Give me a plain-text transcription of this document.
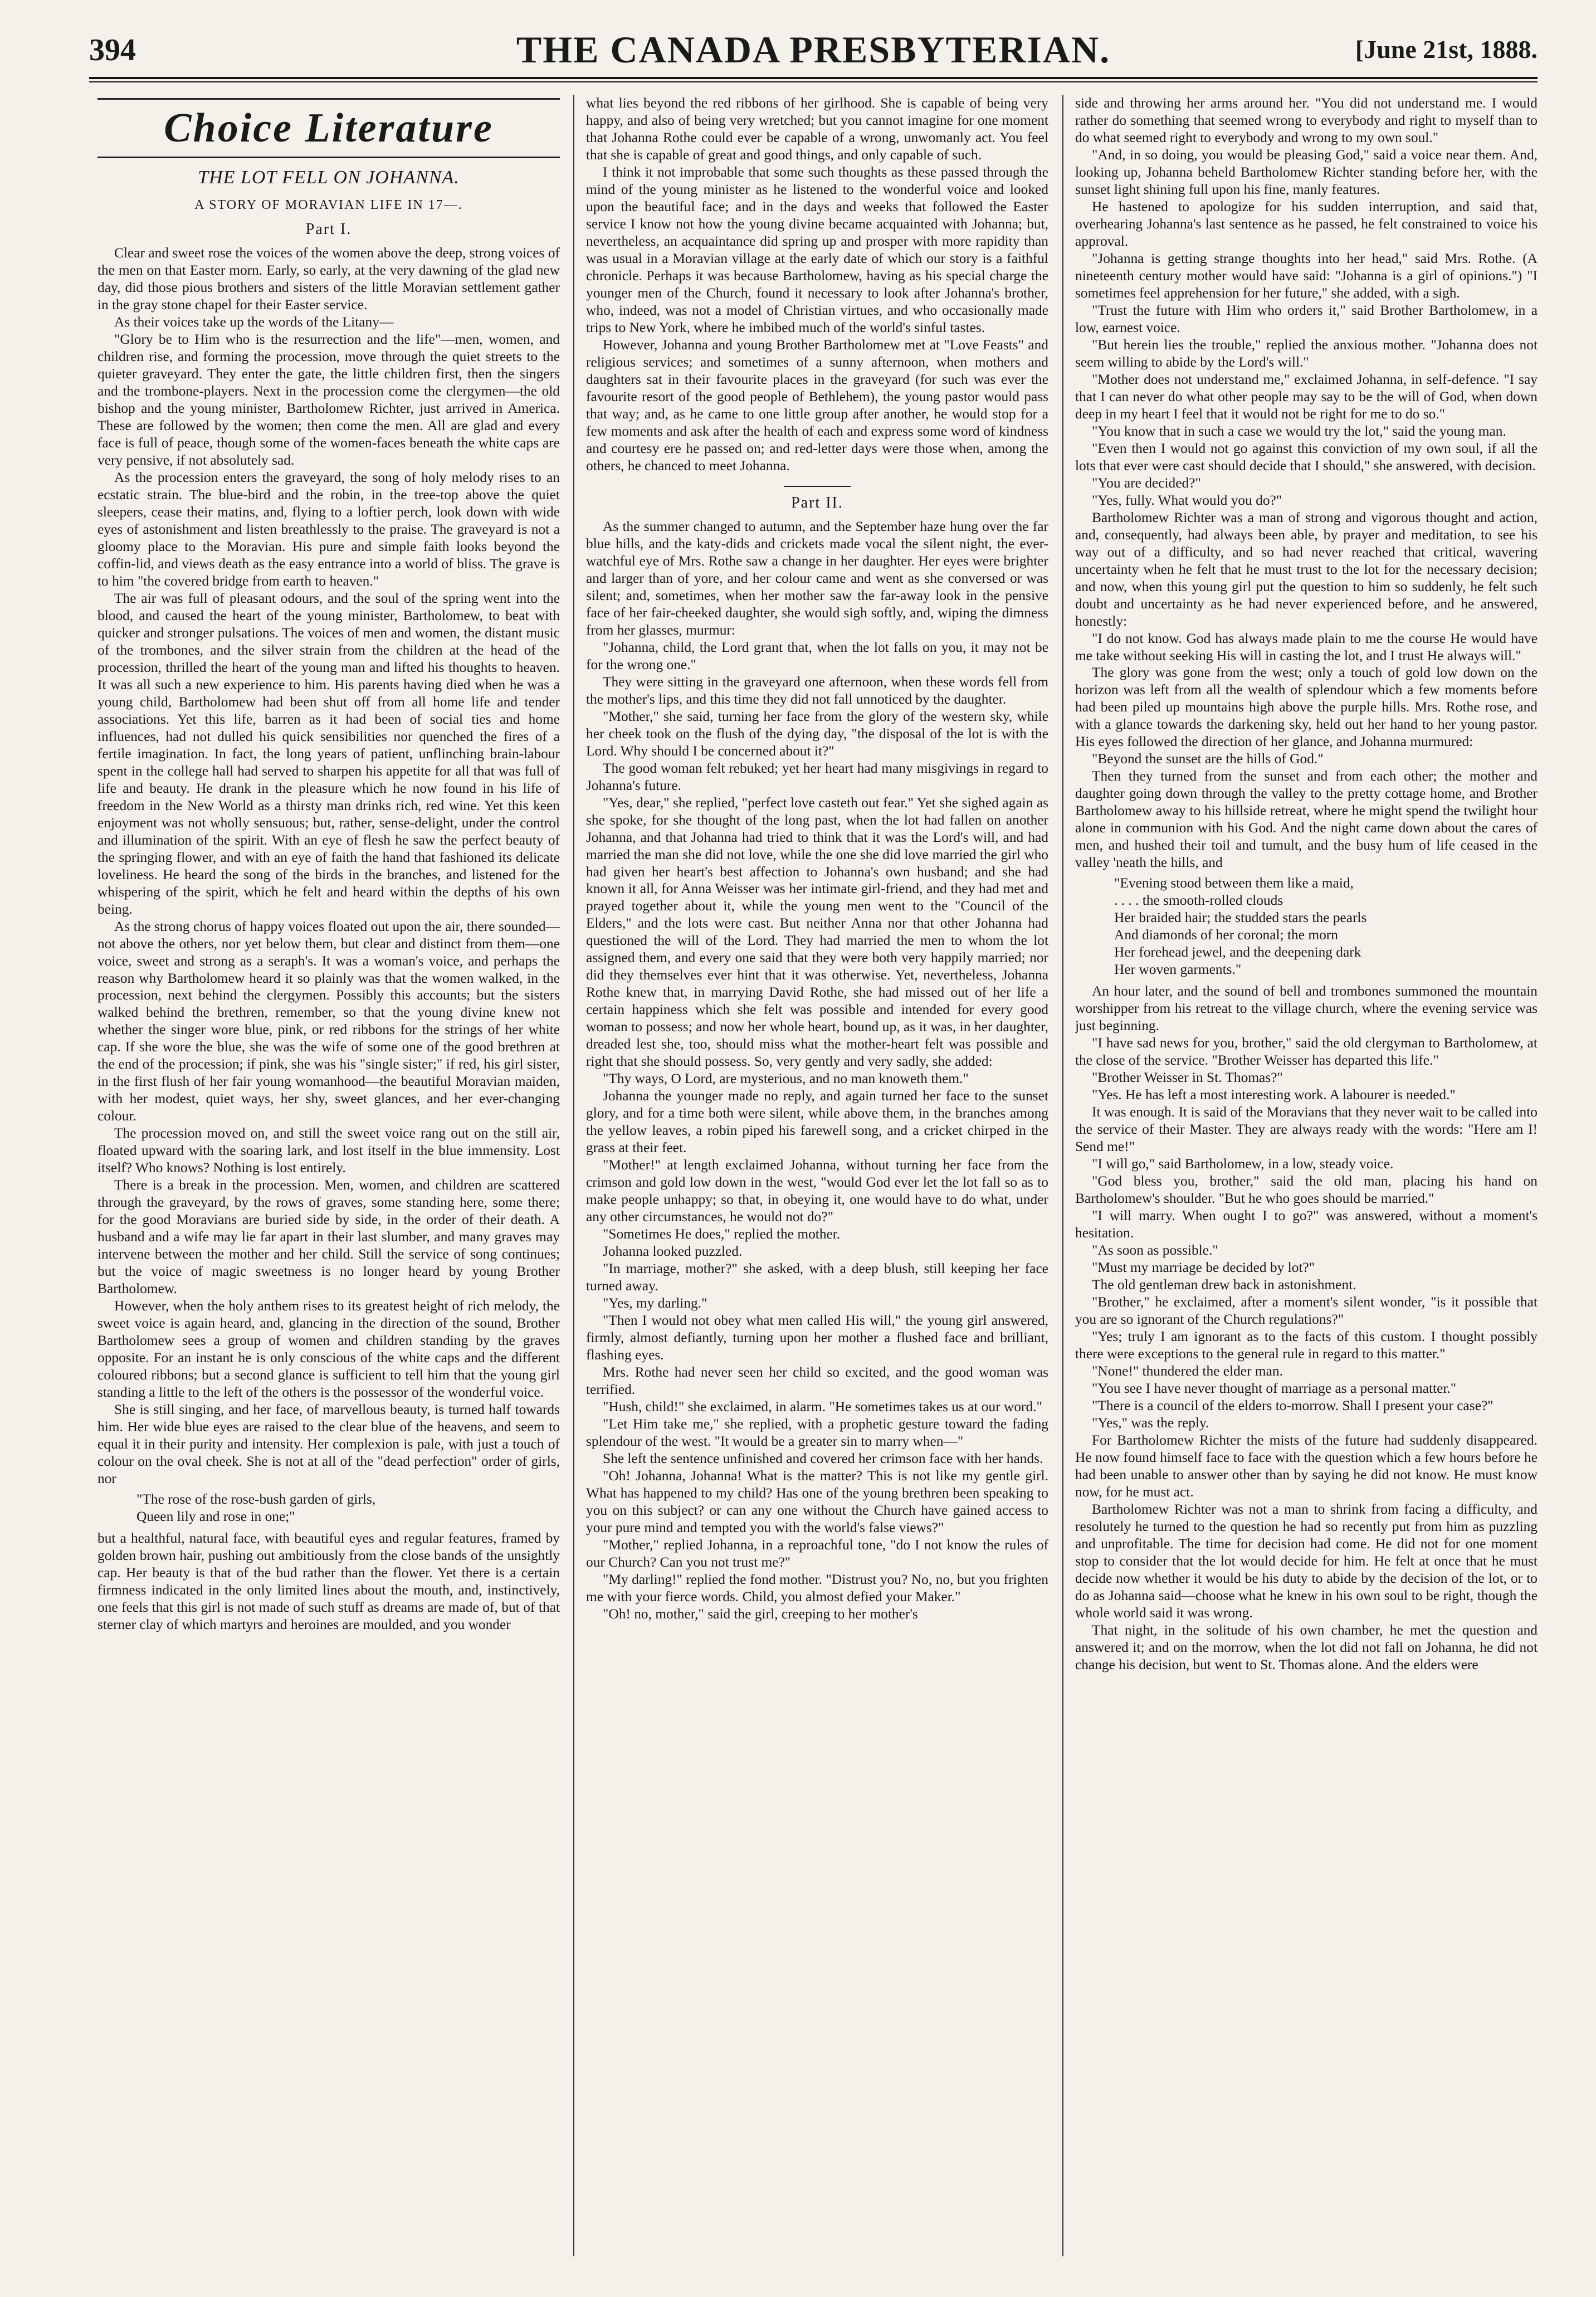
394	THE CANADA PRESBYTERIAN.	[June 21st, 1888.
Choice Literature
THE LOT FELL ON JOHANNA.
A STORY OF MORAVIAN LIFE IN 17—.
Part I.

Clear and sweet rose the voices of the women above the deep, strong voices of the men on that Easter morn. Early, so early, at the very dawning of the glad new day, did those pious brothers and sisters of the little Moravian settlement gather in the gray stone chapel for their Easter service.

As their voices take up the words of the Litany—

"Glory be to Him who is the resurrection and the life"—men, women, and children rise, and forming the procession, move through the quiet streets to the quieter graveyard. They enter the gate, the little children first, then the singers and the trombone-players. Next in the procession come the clergymen—the old bishop and the young minister, Bartholomew Richter, just arrived in America. These are followed by the women; then come the men. All are glad and every face is full of peace, though some of the women-faces beneath the white caps are very pensive, if not absolutely sad.

As the procession enters the graveyard, the song of holy melody rises to an ecstatic strain. The blue-bird and the robin, in the tree-top above the quiet sleepers, cease their matins, and, flying to a loftier perch, look down with wide eyes of astonishment and listen breathlessly to the praise. The graveyard is not a gloomy place to the Moravian. His pure and simple faith looks beyond the coffin-lid, and views death as the easy entrance into a world of bliss. The grave is to him "the covered bridge from earth to heaven."

The air was full of pleasant odours, and the soul of the spring went into the blood, and caused the heart of the young minister, Bartholomew, to beat with quicker and stronger pulsations. The voices of men and women, the distant music of the trombones, and the silver strain from the children at the head of the procession, thrilled the heart of the young man and lifted his thoughts to heaven. It was all such a new experience to him. His parents having died when he was a young child, Bartholomew had been shut off from all home life and tender associations. Yet this life, barren as it had been of social ties and home influences, had not dulled his quick sensibilities nor quenched the fires of a fertile imagination. In fact, the long years of patient, unflinching brain-labour spent in the college hall had served to sharpen his appetite for all that was full of life and beauty. He drank in the pleasure which he now found in his life of freedom in the New World as a thirsty man drinks rich, red wine. Yet this keen enjoyment was not wholly sensuous; but, rather, sense-delight, under the control and illumination of the spirit. With an eye of flesh he saw the perfect beauty of the springing flower, and with an eye of faith the hand that fashioned its delicate loveliness. He heard the song of the birds in the branches, and listened for the whispering of the spirit, which he felt and heard within the depths of his own being.

As the strong chorus of happy voices floated out upon the air, there sounded—not above the others, nor yet below them, but clear and distinct from them—one voice, sweet and strong as a seraph's. It was a woman's voice, and perhaps the reason why Bartholomew heard it so plainly was that the women walked, in the procession, next behind the clergymen. Possibly this accounts; but the sisters walked behind the brethren, remember, so that the young divine knew not whether the singer wore blue, pink, or red ribbons for the strings of her white cap. If she wore the blue, she was the wife of some one of the good brethren at the end of the procession; if pink, she was his "single sister;" if red, his girl sister, in the first flush of her fair young womanhood—the beautiful Moravian maiden, with her modest, quiet ways, her shy, sweet glances, and her ever-changing colour.

The procession moved on, and still the sweet voice rang out on the still air, floated upward with the soaring lark, and lost itself in the blue immensity. Lost itself? Who knows? Nothing is lost entirely.

There is a break in the procession. Men, women, and children are scattered through the graveyard, by the rows of graves, some standing here, some there; for the good Moravians are buried side by side, in the order of their death. A husband and a wife may lie far apart in their last slumber, and many graves may intervene between the mother and her child. Still the service of song continues; but the voice of magic sweetness is no longer heard by young Brother Bartholomew.

However, when the holy anthem rises to its greatest height of rich melody, the sweet voice is again heard, and, glancing in the direction of the sound, Brother Bartholomew sees a group of women and children standing by the graves opposite. For an instant he is only conscious of the white caps and the different coloured ribbons; but a second glance is sufficient to tell him that the young girl standing a little to the left of the others is the possessor of the wonderful voice.

She is still singing, and her face, of marvellous beauty, is turned half towards him. Her wide blue eyes are raised to the clear blue of the heavens, and seem to equal it in their purity and intensity. Her complexion is pale, with just a touch of colour on the oval cheek. She is not at all of the "dead perfection" order of girls, nor

"The rose of the rose-bush garden of girls,

Queen lily and rose in one;"

but a healthful, natural face, with beautiful eyes and regular features, framed by golden brown hair, pushing out ambitiously from the close bands of the unsightly cap. Her beauty is that of the bud rather than the flower. Yet there is a certain firmness indicated in the only limited lines about the mouth, and, instinctively, one feels that this girl is not made of such stuff as dreams are made of, but of that sterner clay of which martyrs and heroines are moulded, and you wonder

what lies beyond the red ribbons of her girlhood. She is capable of being very happy, and also of being very wretched; but you cannot imagine for one moment that Johanna Rothe could ever be capable of a wrong, unwomanly act. You feel that she is capable of great and good things, and only capable of such.

I think it not improbable that some such thoughts as these passed through the mind of the young minister as he listened to the wonderful voice and looked upon the beautiful face; and in the days and weeks that followed the Easter service I know not how the young divine became acquainted with Johanna; but, nevertheless, an acquaintance did spring up and prosper with more rapidity than was usual in a Moravian village at the early date of which our story is a faithful chronicle. Perhaps it was because Bartholomew, having as his special charge the younger men of the Church, found it necessary to look after Johanna's brother, who, indeed, was not a model of Christian virtues, and who occasionally made trips to New York, where he imbibed much of the world's sinful tastes.

However, Johanna and young Brother Bartholomew met at "Love Feasts" and religious services; and sometimes of a sunny afternoon, when mothers and daughters sat in their favourite places in the graveyard (for such was ever the favourite resort of the good people of Bethlehem), the young pastor would pass that way; and, as he came to one little group after another, he would stop for a few moments and ask after the health of each and express some word of kindness and courtesy ere he passed on; and red-letter days were those when, among the others, he chanced to meet Johanna.

Part II.

As the summer changed to autumn, and the September haze hung over the far blue hills, and the katy-dids and crickets made vocal the silent night, the ever-watchful eye of Mrs. Rothe saw a change in her daughter. Her eyes were brighter and larger than of yore, and her colour came and went as she conversed or was silent; and, sometimes, when her mother saw the far-away look in the pensive face of her fair-cheeked daughter, she would sigh softly, and, wiping the dimness from her glasses, murmur:

"Johanna, child, the Lord grant that, when the lot falls on you, it may not be for the wrong one."

They were sitting in the graveyard one afternoon, when these words fell from the mother's lips, and this time they did not fall unnoticed by the daughter.

"Mother," she said, turning her face from the glory of the western sky, while her cheek took on the flush of the dying day, "the disposal of the lot is with the Lord. Why should I be concerned about it?"

The good woman felt rebuked; yet her heart had many misgivings in regard to Johanna's future.

"Yes, dear," she replied, "perfect love casteth out fear." Yet she sighed again as she spoke, for she thought of the long past, when the lot had fallen on another Johanna, and that Johanna had tried to think that it was the Lord's will, and had married the man she did not love, while the one she did love married the girl who had given her heart's best affection to Johanna's own husband; and she had known it all, for Anna Weisser was her intimate girl-friend, and they had met and prayed together about it, while the young men went to the "Council of the Elders," and the lots were cast. But neither Anna nor that other Johanna had questioned the will of the Lord. They had married the men to whom the lot assigned them, and every one said that they were both very happily married; nor did they themselves ever hint that it was otherwise. Yet, nevertheless, Johanna Rothe knew that, in marrying David Rothe, she had missed out of her life a certain happiness which she felt was possible and intended for every good woman to possess; and now her whole heart, bound up, as it was, in her daughter, dreaded lest she, too, should miss what the mother-heart felt was possible and right that she should possess. So, very gently and very sadly, she added:

"Thy ways, O Lord, are mysterious, and no man knoweth them."

Johanna the younger made no reply, and again turned her face to the sunset glory, and for a time both were silent, while above them, in the branches among the yellow leaves, a robin piped his farewell song, and a cricket chirped in the grass at their feet.

"Mother!" at length exclaimed Johanna, without turning her face from the crimson and gold low down in the west, "would God ever let the lot fall so as to make people unhappy; so that, in obeying it, one would have to do what, under any other circumstances, he would not do?"

"Sometimes He does," replied the mother.

Johanna looked puzzled.

"In marriage, mother?" she asked, with a deep blush, still keeping her face turned away.

"Yes, my darling."

"Then I would not obey what men called His will," the young girl answered, firmly, almost defiantly, turning upon her mother a flushed face and brilliant, flashing eyes.

Mrs. Rothe had never seen her child so excited, and the good woman was terrified.

"Hush, child!" she exclaimed, in alarm. "He sometimes takes us at our word."

"Let Him take me," she replied, with a prophetic gesture toward the fading splendour of the west. "It would be a greater sin to marry when—"

She left the sentence unfinished and covered her crimson face with her hands.

"Oh! Johanna, Johanna! What is the matter? This is not like my gentle girl. What has happened to my child? Has one of the young brethren been speaking to you on this subject? or can any one without the Church have gained access to your pure mind and tempted you with the world's false views?"

"Mother," replied Johanna, in a reproachful tone, "do I not know the rules of our Church? Can you not trust me?"

"My darling!" replied the fond mother. "Distrust you? No, no, but you frighten me with your fierce words. Child, you almost defied your Maker."

"Oh! no, mother," said the girl, creeping to her mother's

side and throwing her arms around her. "You did not understand me. I would rather do something that seemed wrong to everybody and right to myself than to do what seemed right to everybody and wrong to my own soul."

"And, in so doing, you would be pleasing God," said a voice near them. And, looking up, Johanna beheld Bartholomew Richter standing before her, with the sunset light shining full upon his fine, manly features.

He hastened to apologize for his sudden interruption, and said that, overhearing Johanna's last sentence as he passed, he felt constrained to voice his approval.

"Johanna is getting strange thoughts into her head," said Mrs. Rothe. (A nineteenth century mother would have said: "Johanna is a girl of opinions.") "I sometimes feel apprehension for her future," she added, with a sigh.

"Trust the future with Him who orders it," said Brother Bartholomew, in a low, earnest voice.

"But herein lies the trouble," replied the anxious mother. "Johanna does not seem willing to abide by the Lord's will."

"Mother does not understand me," exclaimed Johanna, in self-defence. "I say that I can never do what other people may say to be the will of God, when down deep in my heart I feel that it would not be right for me to do so."

"You know that in such a case we would try the lot," said the young man.

"Even then I would not go against this conviction of my own soul, if all the lots that ever were cast should decide that I should," she answered, with decision.

"You are decided?"

"Yes, fully. What would you do?"

Bartholomew Richter was a man of strong and vigorous thought and action, and, consequently, had always been able, by prayer and meditation, to see his way out of a difficulty, and so had never reached that critical, wavering uncertainty when he felt that he must trust to the lot for the necessary decision; and now, when this young girl put the question to him so suddenly, he felt such doubt and uncertainty as he had never experienced before, and he answered, honestly:

"I do not know. God has always made plain to me the course He would have me take without seeking His will in casting the lot, and I trust He always will."

The glory was gone from the west; only a touch of gold low down on the horizon was left from all the wealth of splendour which a few moments before had been piled up mountains high above the purple hills. Mrs. Rothe rose, and with a glance towards the darkening sky, held out her hand to her young pastor. His eyes followed the direction of her glance, and Johanna murmured:

"Beyond the sunset are the hills of God."

Then they turned from the sunset and from each other; the mother and daughter going down through the valley to the pretty cottage home, and Brother Bartholomew away to his hillside retreat, where he might spend the twilight hour alone in communion with his God. And the night came down about the cares of men, and hushed their toil and tumult, and the busy hum of life ceased in the valley 'neath the hills, and

"Evening stood between them like a maid,

. . . . the smooth-rolled clouds

Her braided hair; the studded stars the pearls

And diamonds of her coronal; the morn

Her forehead jewel, and the deepening dark

Her woven garments."

An hour later, and the sound of bell and trombones summoned the mountain worshipper from his retreat to the village church, where the evening service was just beginning.

"I have sad news for you, brother," said the old clergyman to Bartholomew, at the close of the service. "Brother Weisser has departed this life."

"Brother Weisser in St. Thomas?"

"Yes. He has left a most interesting work. A labourer is needed."

It was enough. It is said of the Moravians that they never wait to be called into the service of their Master. They are always ready with the words: "Here am I! Send me!"

"I will go," said Bartholomew, in a low, steady voice.

"God bless you, brother," said the old man, placing his hand on Bartholomew's shoulder. "But he who goes should be married."

"I will marry. When ought I to go?" was answered, without a moment's hesitation.

"As soon as possible."

"Must my marriage be decided by lot?"

The old gentleman drew back in astonishment.

"Brother," he exclaimed, after a moment's silent wonder, "is it possible that you are so ignorant of the Church regulations?"

"Yes; truly I am ignorant as to the facts of this custom. I thought possibly there were exceptions to the general rule in regard to this matter."

"None!" thundered the elder man.

"You see I have never thought of marriage as a personal matter."

"There is a council of the elders to-morrow. Shall I present your case?"

"Yes," was the reply.

For Bartholomew Richter the mists of the future had suddenly disappeared. He now found himself face to face with the question which a few hours before he had been unable to answer other than by saying he did not know. He must know now, for he must act.

Bartholomew Richter was not a man to shrink from facing a difficulty, and resolutely he turned to the question he had so recently put from him as puzzling and unprofitable. The time for decision had come. He did not for one moment stop to consider that the lot would decide for him. He felt at once that he must decide now whether it would be his duty to abide by the decision of the lot, or to do as Johanna said—choose what he knew in his own soul to be right, though the whole world said it was wrong.

That night, in the solitude of his own chamber, he met the question and answered it; and on the morrow, when the lot did not fall on Johanna, he did not change his decision, but went to St. Thomas alone. And the elders were
